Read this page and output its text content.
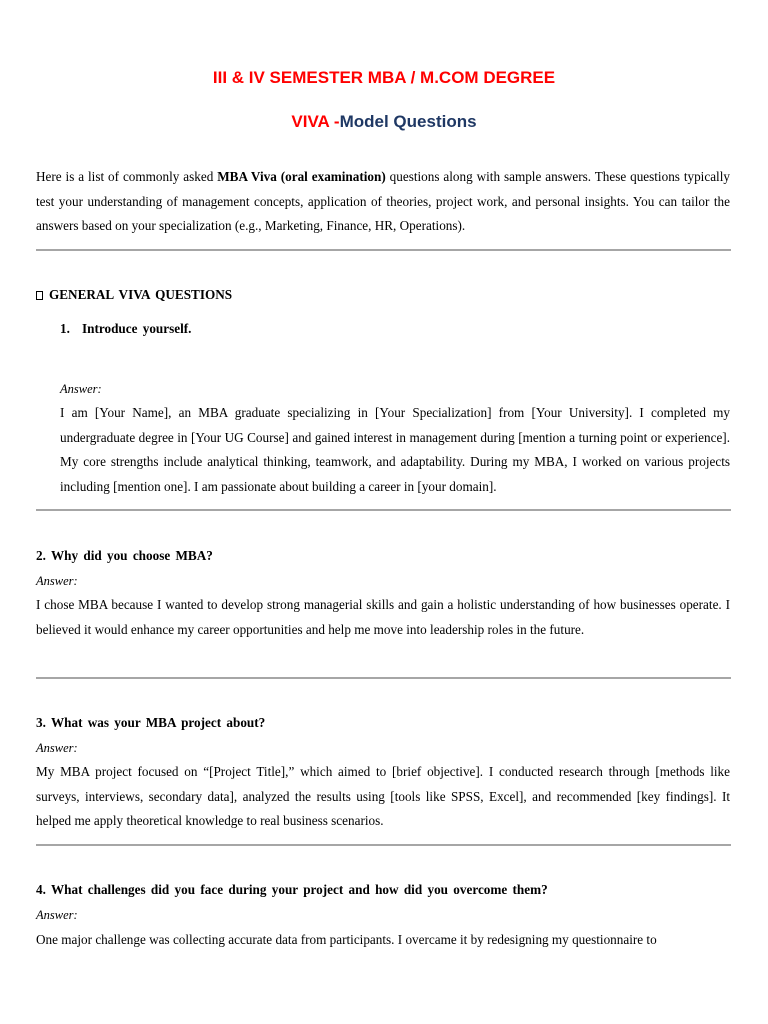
III & IV SEMESTER MBA / M.COM DEGREE
VIVA -Model Questions

Here is a list of commonly asked MBA Viva (oral examination) questions along with sample answers. These questions typically test your understanding of management concepts, application of theories, project work, and personal insights. You can tailor the answers based on your specialization (e.g., Marketing, Finance, HR, Operations).

GENERAL VIVA QUESTIONS
1. Introduce yourself.
Answer:

I am [Your Name], an MBA graduate specializing in [Your Specialization] from [Your University]. I completed my undergraduate degree in [Your UG Course] and gained interest in management during [mention a turning point or experience]. My core strengths include analytical thinking, teamwork, and adaptability. During my MBA, I worked on various projects including [mention one]. I am passionate about building a career in [your domain].

2. Why did you choose MBA?
Answer:

I chose MBA because I wanted to develop strong managerial skills and gain a holistic understanding of how businesses operate. I believed it would enhance my career opportunities and help me move into leadership roles in the future.

3. What was your MBA project about?
Answer:

My MBA project focused on “[Project Title],” which aimed to [brief objective]. I conducted research through [methods like surveys, interviews, secondary data], analyzed the results using [tools like SPSS, Excel], and recommended [key findings]. It helped me apply theoretical knowledge to real business scenarios.

4. What challenges did you face during your project and how did you overcome them?
Answer:

One major challenge was collecting accurate data from participants. I overcame it by redesigning my questionnaire to
